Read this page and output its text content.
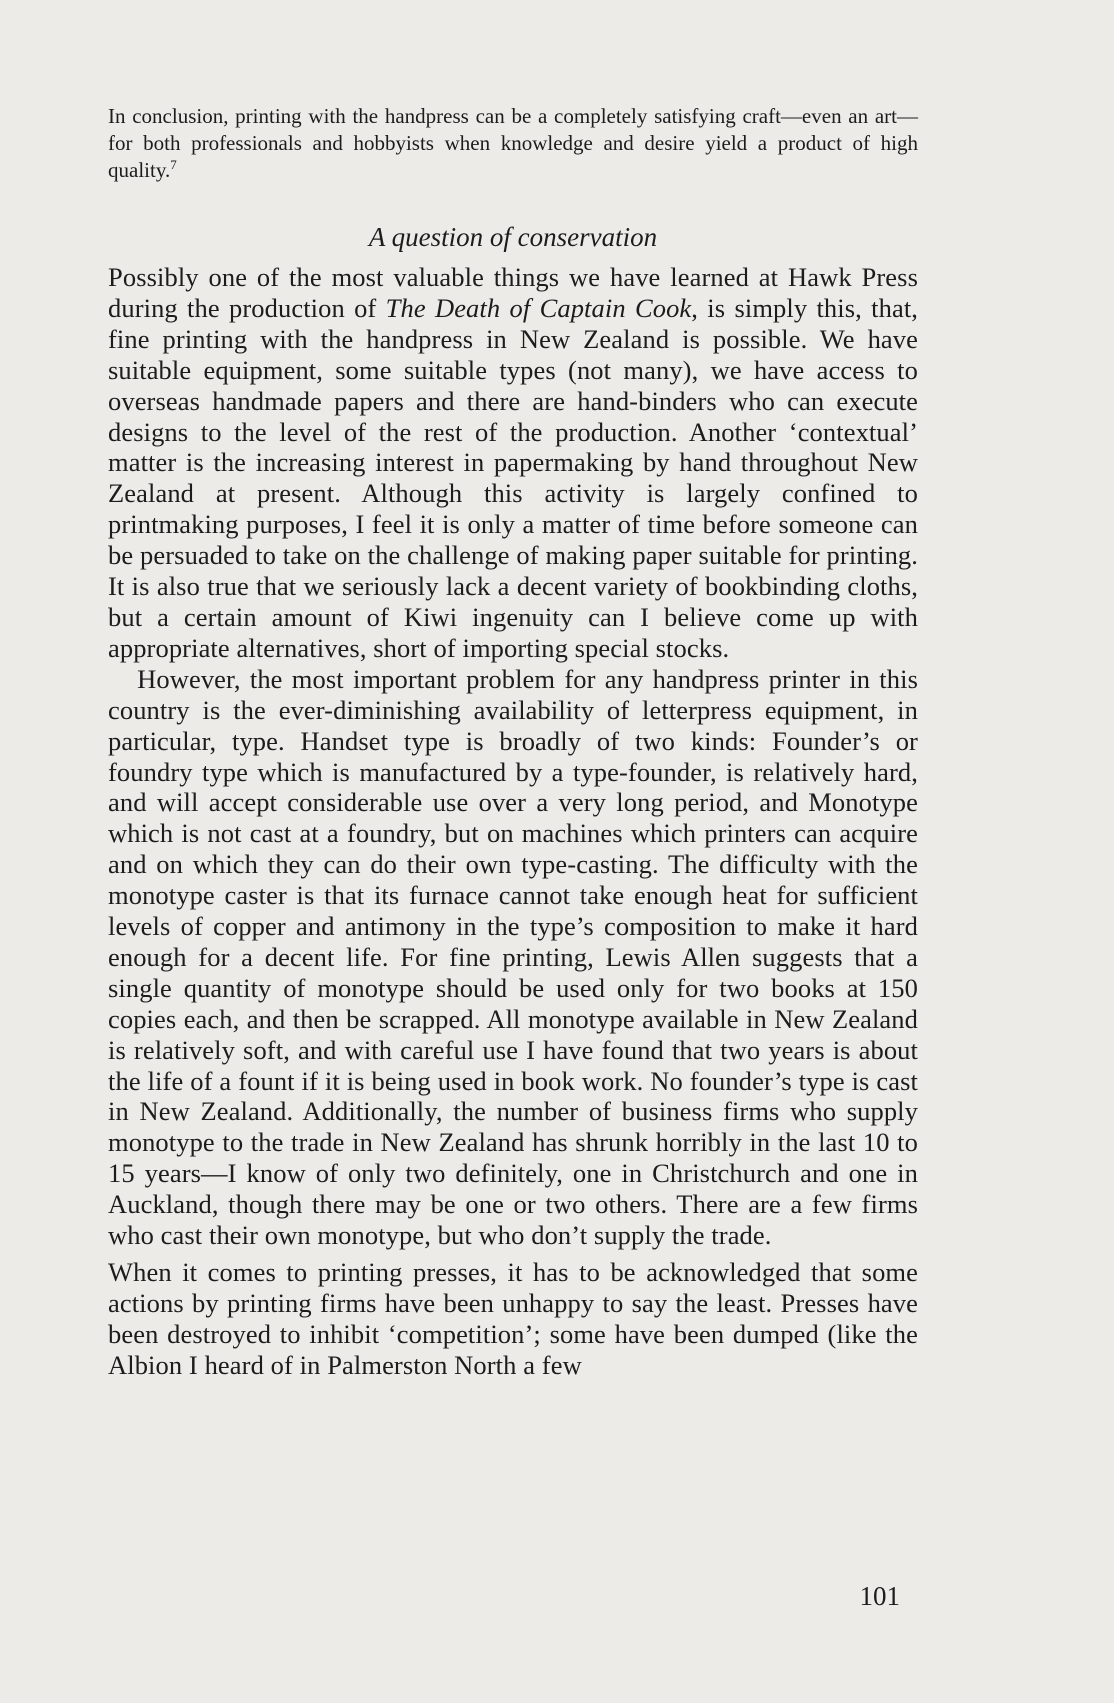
In conclusion, printing with the handpress can be a completely satisfying craft—even an art—for both professionals and hobbyists when knowledge and desire yield a product of high quality.$^7$

A question of conservation

Possibly one of the most valuable things we have learned at Hawk Press during the production of The Death of Captain Cook, is simply this, that, fine printing with the handpress in New Zealand is possible. We have suitable equipment, some suitable types (not many), we have access to overseas handmade papers and there are hand-binders who can execute designs to the level of the rest of the production. Another ‘contextual’ matter is the increasing interest in papermaking by hand throughout New Zealand at present. Although this activity is largely confined to printmaking purposes, I feel it is only a matter of time before someone can be persuaded to take on the challenge of making paper suitable for printing. It is also true that we seriously lack a decent variety of bookbinding cloths, but a certain amount of Kiwi ingenuity can I believe come up with appropriate alternatives, short of importing special stocks.

However, the most important problem for any handpress printer in this country is the ever-diminishing availability of letterpress equipment, in particular, type. Handset type is broadly of two kinds: Founder’s or foundry type which is manufactured by a type-founder, is relatively hard, and will accept considerable use over a very long period, and Monotype which is not cast at a foundry, but on machines which printers can acquire and on which they can do their own type-casting. The difficulty with the monotype caster is that its furnace cannot take enough heat for sufficient levels of copper and antimony in the type’s composition to make it hard enough for a decent life. For fine printing, Lewis Allen suggests that a single quantity of monotype should be used only for two books at 150 copies each, and then be scrapped. All monotype available in New Zealand is relatively soft, and with careful use I have found that two years is about the life of a fount if it is being used in book work. No founder’s type is cast in New Zealand. Additionally, the number of business firms who supply monotype to the trade in New Zealand has shrunk horribly in the last 10 to 15 years—I know of only two definitely, one in Christchurch and one in Auckland, though there may be one or two others. There are a few firms who cast their own monotype, but who don’t supply the trade.

When it comes to printing presses, it has to be acknowledged that some actions by printing firms have been unhappy to say the least. Presses have been destroyed to inhibit ‘competition’; some have been dumped (like the Albion I heard of in Palmerston North a few

101
